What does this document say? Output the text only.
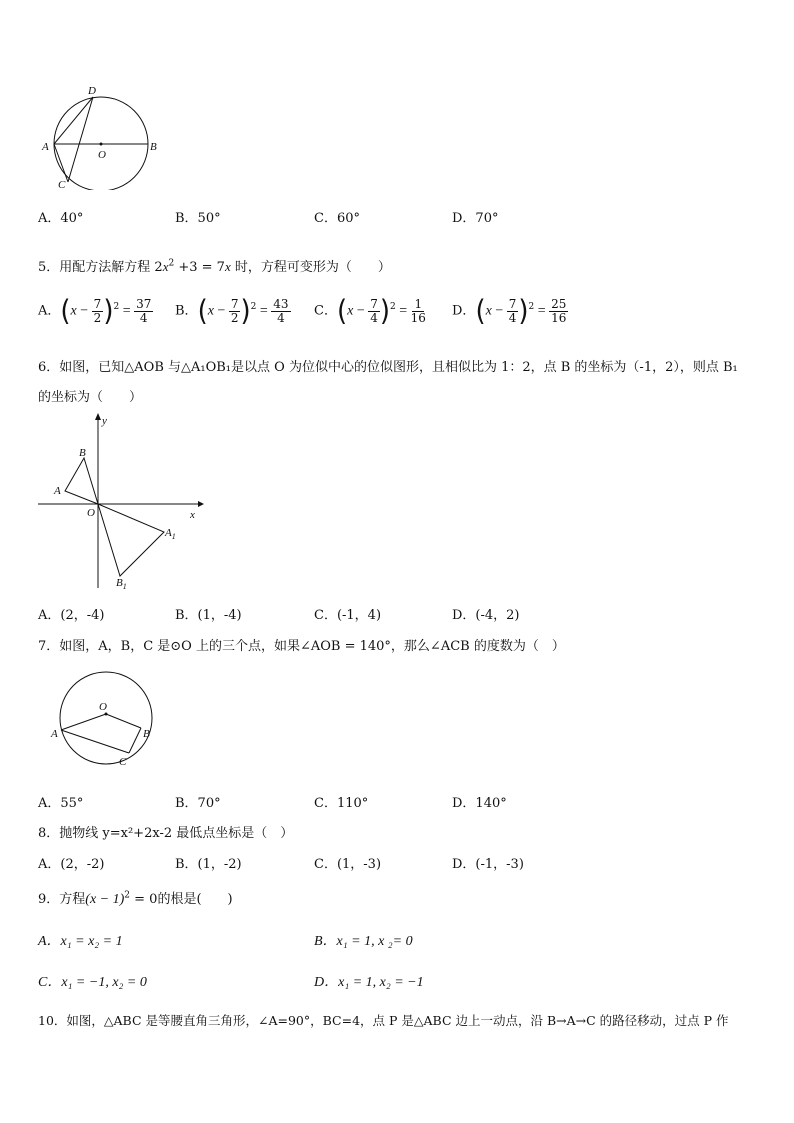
D
A
O
B
C
A．40°	B．50°	C．60°	D．70°
5．用配方法解方程 $2x^2 +3 = 7x$ 时，方程可变形为（　　）
A．$(x - \frac{7}{2} )^2 = \frac{37}{4}$ B．$(x - \frac{7}{2} )^2 = \frac{43}{4}$ C．$(x - \frac{7}{4} )^2 = \frac{1}{16}$ D．$(x - \frac{7}{4} )^2 = \frac{25}{16}$
6．如图，已知△AOB 与△A₁OB₁是以点 O 为位似中心的位似图形，且相似比为 1：2，点 B 的坐标为（-1，2），则点 B₁
的坐标为（　　）
y
x
O
B
A
$A_1$
$B_1$
A．(2，-4)	B．(1，-4)	C．(-1，4)	D．(-4，2)
7．如图，A，B，C 是⊙O 上的三个点，如果∠AOB = 140°，那么∠ACB 的度数为（　）
O
A	B
C
A．55°	B．70°	C．110°	D．140°
8．抛物线 y=x²+2x-2 最低点坐标是（　）
A．(2，-2)	B．(1，-2)	C．(1，-3)	D．(-1，-3)
9．方程$(x - 1)^2 = 0$的根是(　　)
A．x₁ = x₂ = 1	B．x₁ = 1, x ₂= 0
C．x₁ = −1, x₂ = 0	D．x₁ = 1, x₂ = −1
10．如图，△ABC 是等腰直角三角形，∠A=90°，BC=4，点 P 是△ABC 边上一动点，沿 B→A→C 的路径移动，过点 P 作
